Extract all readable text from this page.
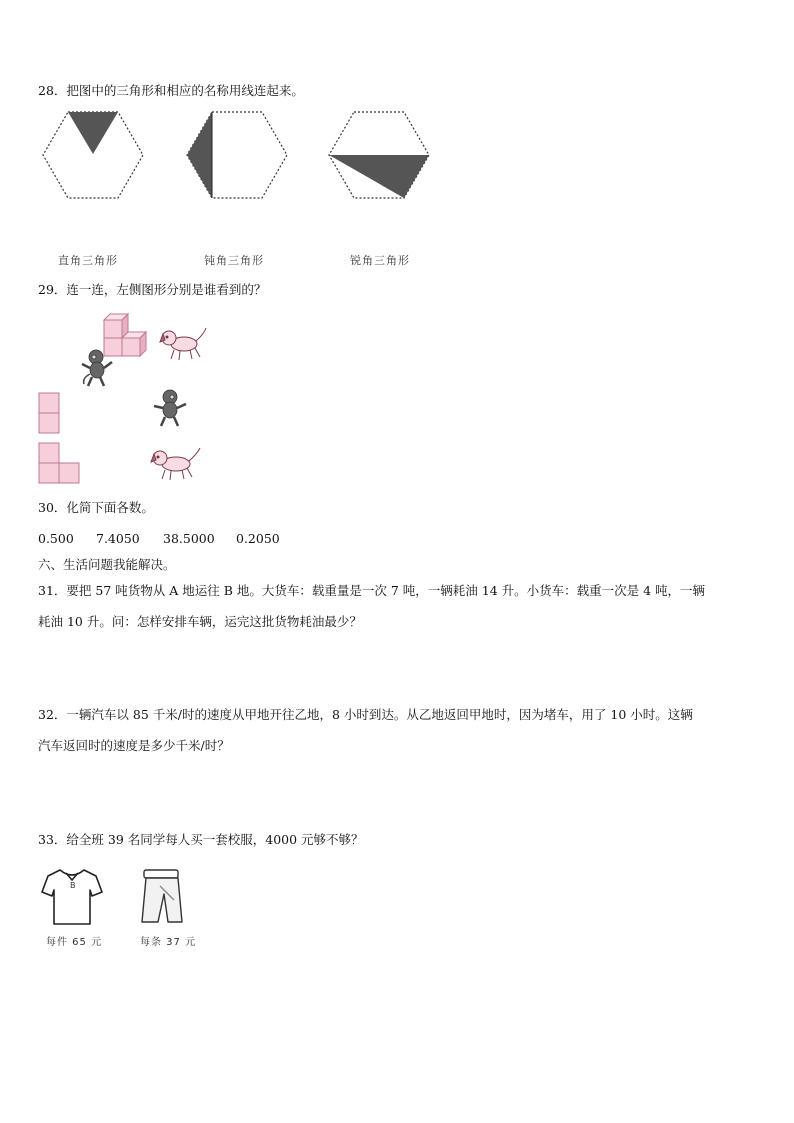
28．把图中的三角形和相应的名称用线连起来。
直角三角形	钝角三角形	锐角三角形
29．连一连，左侧图形分别是谁看到的？
30．化简下面各数。
0.500 7.4050 38.5000 0.2050
六、生活问题我能解决。
31．要把 57 吨货物从 A 地运往 B 地。大货车：载重量是一次 7 吨，一辆耗油 14 升。小货车：载重一次是 4 吨，一辆
耗油 10 升。问：怎样安排车辆，运完这批货物耗油最少？
32．一辆汽车以 85 千米/时的速度从甲地开往乙地，8 小时到达。从乙地返回甲地时，因为堵车，用了 10 小时。这辆
汽车返回时的速度是多少千米/时？
33．给全班 39 名同学每人买一套校服，4000 元够不够？
B
每件 65 元	每条 37 元
